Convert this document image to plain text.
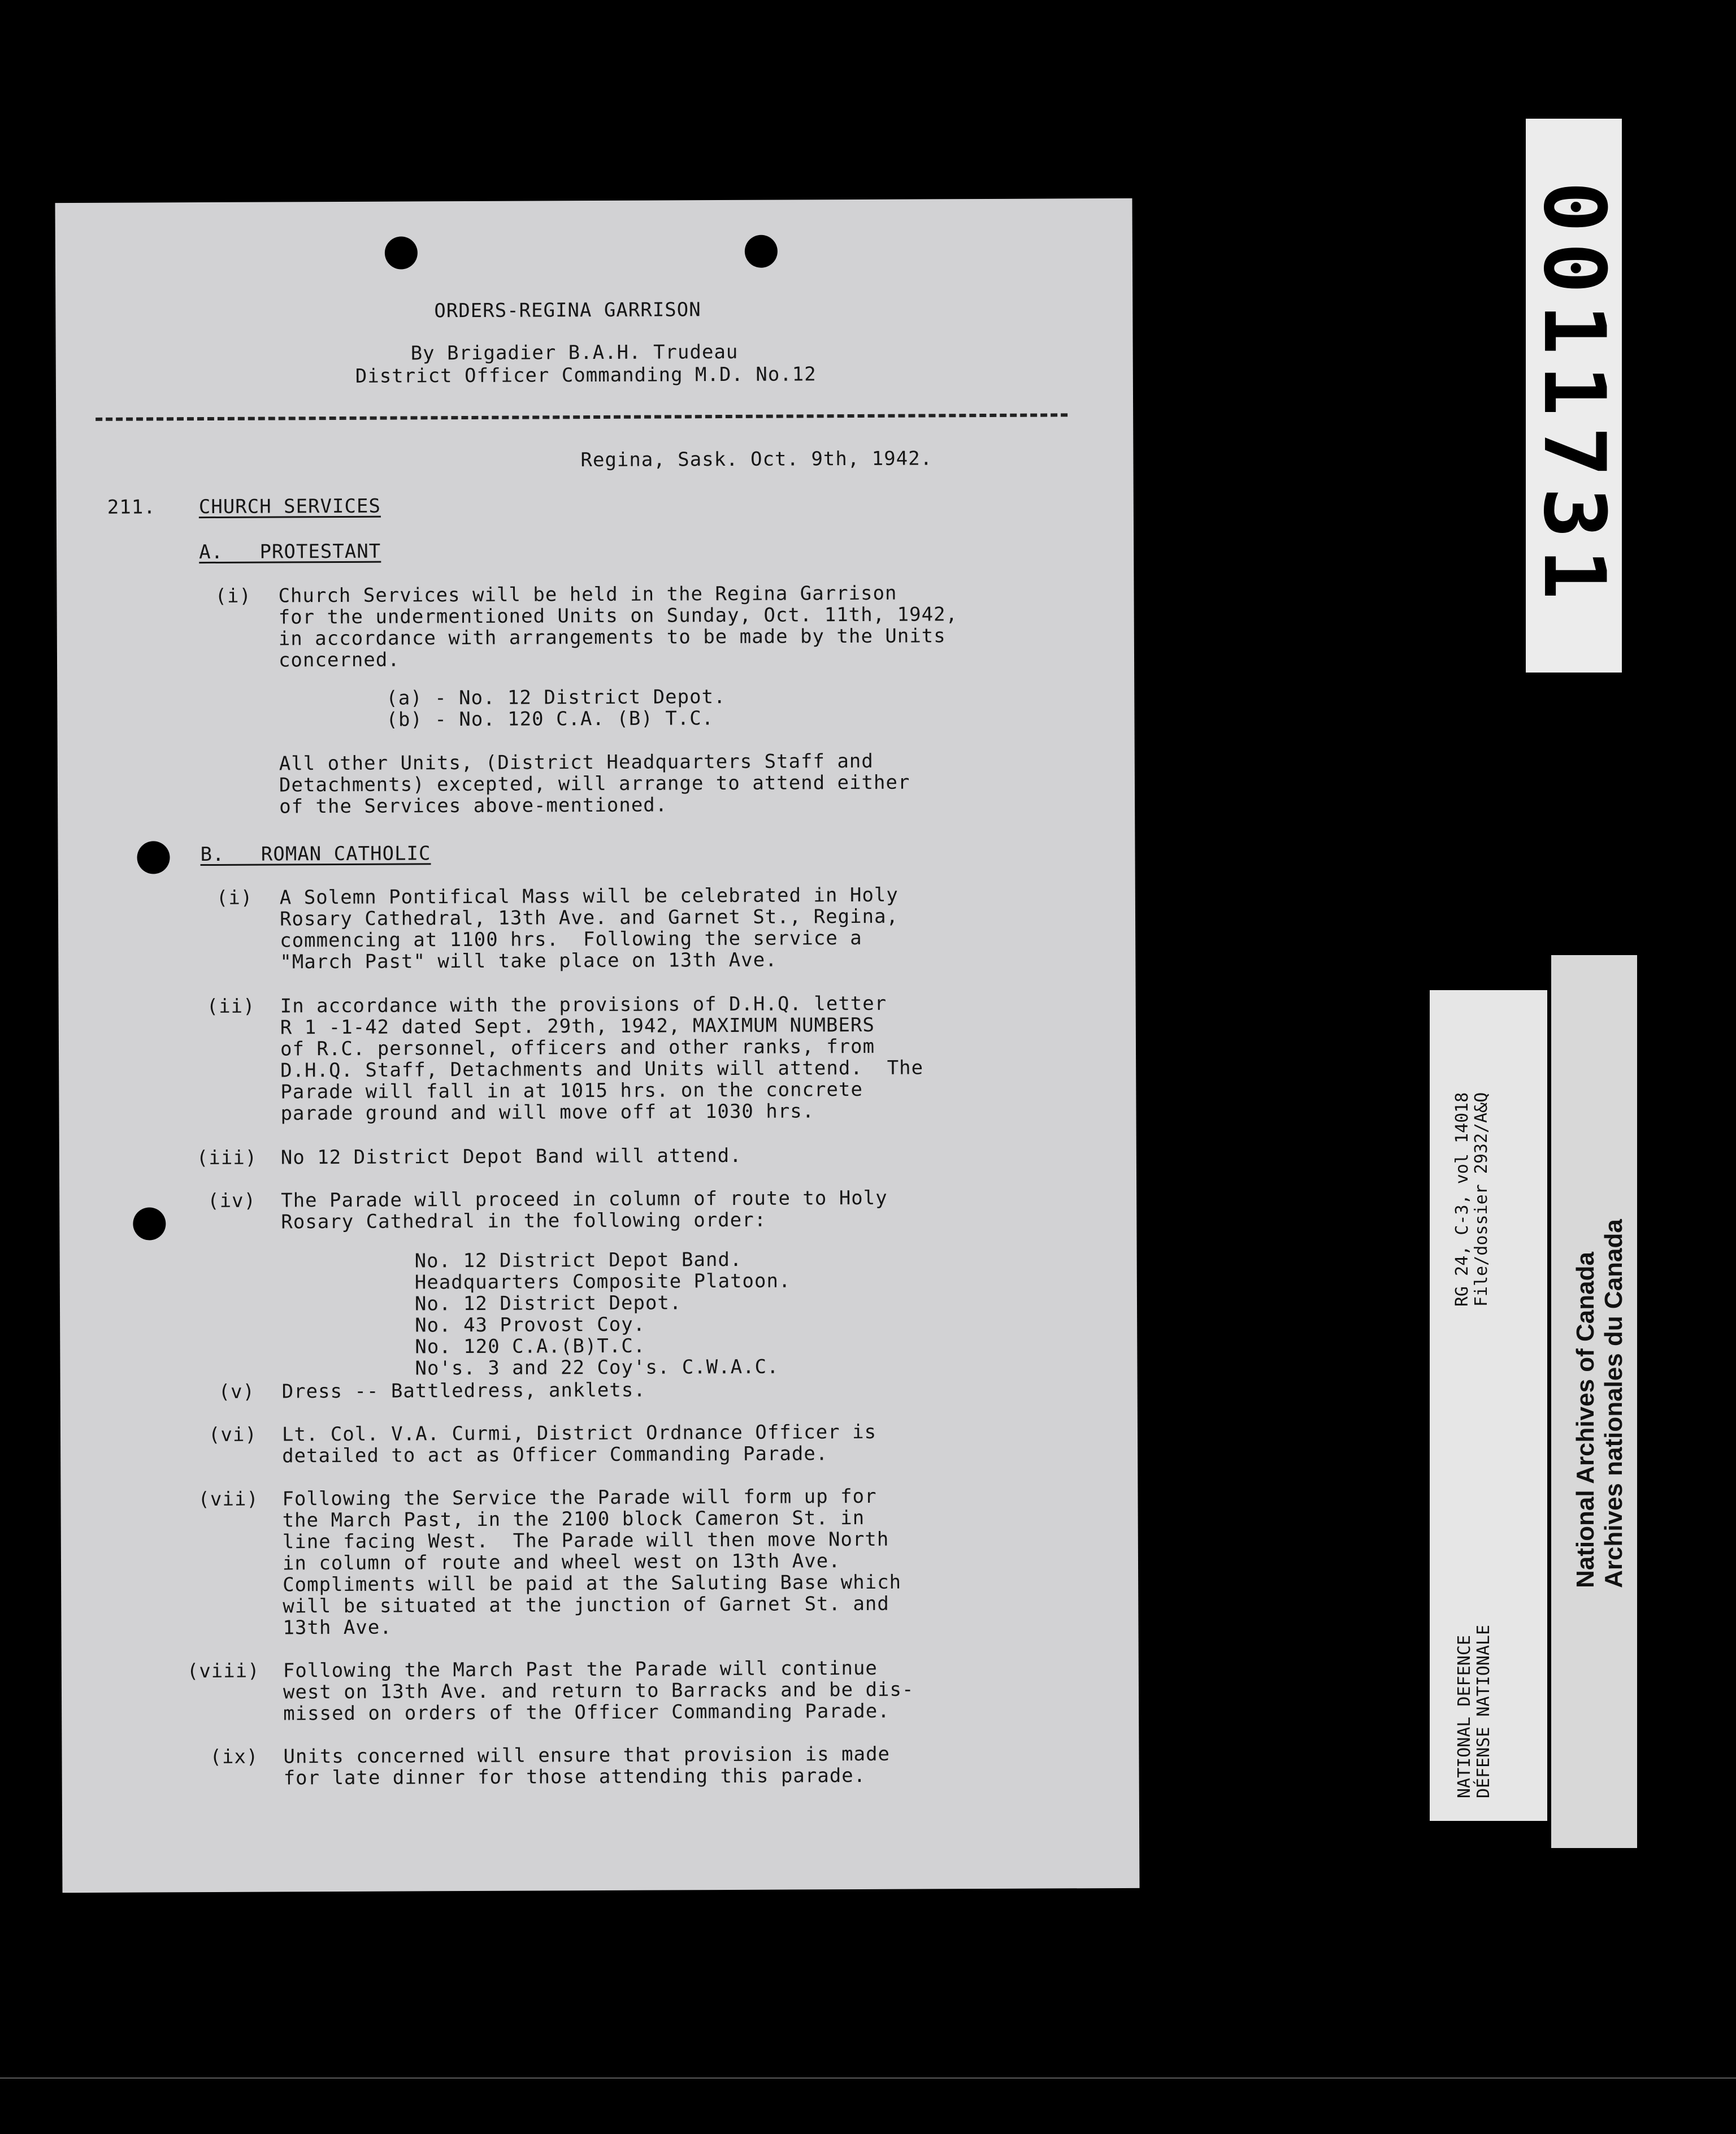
ORDERS-REGINA GARRISON
By Brigadier B.A.H. Trudeau
District Officer Commanding M.D. No.12
Regina, Sask. Oct. 9th, 1942.
211. CHURCH SERVICES
A.   PROTESTANT
(i) Church Services will be held in the Regina Garrison
for the undermentioned Units on Sunday, Oct. 11th, 1942,
in accordance with arrangements to be made by the Units
concerned.
(a) - No. 12 District Depot.
(b) - No. 120 C.A. (B) T.C.
All other Units, (District Headquarters Staff and
Detachments) excepted, will arrange to attend either
of the Services above-mentioned.
B.   ROMAN CATHOLIC
(i) A Solemn Pontifical Mass will be celebrated in Holy
Rosary Cathedral, 13th Ave. and Garnet St., Regina,
commencing at 1100 hrs.  Following the service a
"March Past" will take place on 13th Ave.
(ii) In accordance with the provisions of D.H.Q. letter
R 1 -1-42 dated Sept. 29th, 1942, MAXIMUM NUMBERS
of R.C. personnel, officers and other ranks, from
D.H.Q. Staff, Detachments and Units will attend.  The
Parade will fall in at 1015 hrs. on the concrete
parade ground and will move off at 1030 hrs.
(iii) No 12 District Depot Band will attend.
(iv) The Parade will proceed in column of route to Holy
Rosary Cathedral in the following order:
No. 12 District Depot Band.
Headquarters Composite Platoon.
No. 12 District Depot.
No. 43 Provost Coy.
No. 120 C.A.(B)T.C.
No's. 3 and 22 Coy's. C.W.A.C.
(v) Dress -- Battledress, anklets.
(vi) Lt. Col. V.A. Curmi, District Ordnance Officer is
detailed to act as Officer Commanding Parade.
(vii) Following the Service the Parade will form up for
the March Past, in the 2100 block Cameron St. in
line facing West.  The Parade will then move North
in column of route and wheel west on 13th Ave.
Compliments will be paid at the Saluting Base which
will be situated at the junction of Garnet St. and
13th Ave.
(viii) Following the March Past the Parade will continue
west on 13th Ave. and return to Barracks and be dis-
missed on orders of the Officer Commanding Parade.
(ix) Units concerned will ensure that provision is made
for late dinner for those attending this parade.
0011731
RG 24, C-3, vol 14018 File/dossier 2932/A&Q
NATIONAL DEFENCE DÉFENSE NATIONALE
National Archives of Canada Archives nationales du Canada
